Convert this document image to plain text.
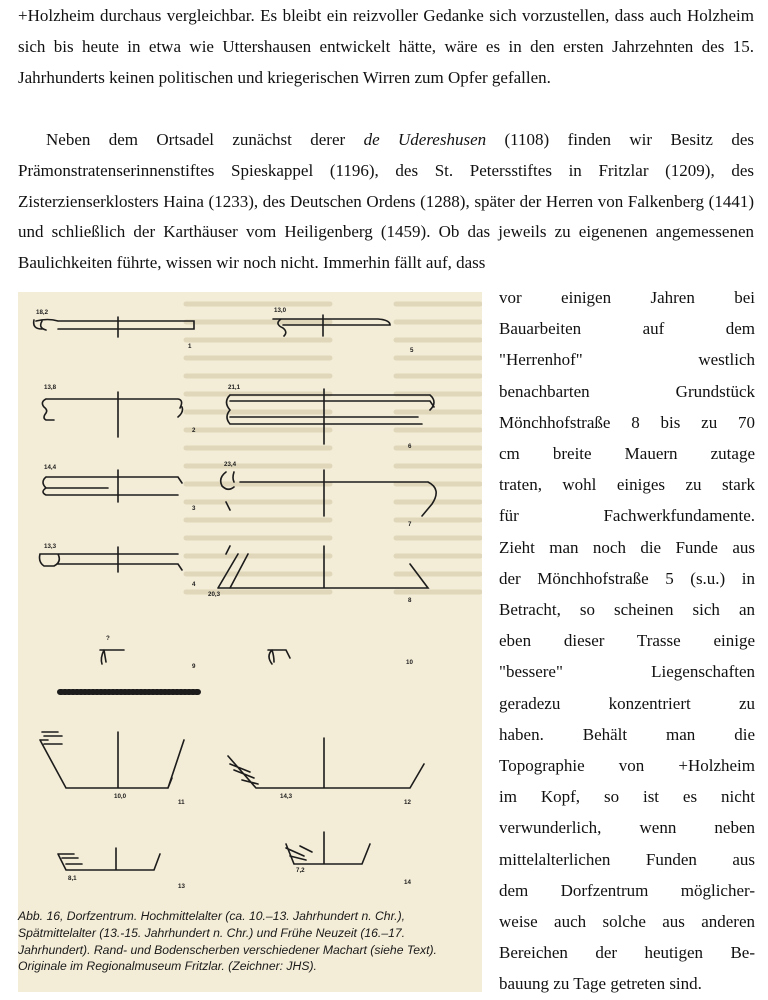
+Holzheim durchaus vergleichbar. Es bleibt ein reizvoller Gedanke sich vorzustellen, dass auch Holzheim sich bis heute in etwa wie Uttershausen entwickelt hätte, wäre es in den ersten Jahrzehnten des 15. Jahrhunderts keinen politischen und kriegerischen Wirren zum Opfer gefallen.

Neben dem Ortsadel zunächst derer de Udereshusen (1108) finden wir Besitz des Prämonstratenserinnenstiftes Spieskappel (1196), des St. Petersstiftes in Fritzlar (1209), des Zisterzienserklosters Haina (1233), des Deutschen Ordens (1288), später der Herren von Falkenberg (1441) und schließlich der Karthäuser vom Heiligenberg (1459). Ob das jeweils zu eigenenen angemessenen Baulichkeiten führte, wissen wir noch nicht. Immerhin fällt auf, dass

1
5
2
6
3
7
4
8
9
10
11	12
13
14
18,2
13,8
14,4
13,3
13,0
21,1
23,4
20,3
?
10,0	14,3
8,1
7,2
Abb. 16, Dorfzentrum. Hochmittelalter (ca. 10.–13. Jahrhundert n. Chr.), Spätmittelalter (13.-15. Jahrhundert n. Chr.) und Frühe Neuzeit (16.–17. Jahrhundert). Rand- und Bodenscherben verschiedener Machart (siehe Text). Originale im Regionalmuseum Fritzlar. (Zeichner: JHS).
vor einigen Jahren bei
Bauarbeiten auf dem
"Herrenhof" westlich
benachbarten Grundstück
Mönchhofstraße 8 bis zu 70
cm breite Mauern zutage
traten, wohl einiges zu stark
für Fachwerkfundamente.
Zieht man noch die Funde aus
der Mönchhofstraße 5 (s.u.) in
Betracht, so scheinen sich an
eben dieser Trasse einige
"bessere" Liegenschaften
geradezu konzentriert zu
haben. Behält man die
Topographie von +Holzheim
im Kopf, so ist es nicht
verwunderlich, wenn neben
mittelalterlichen Funden aus
dem Dorfzentrum möglicher-
weise auch solche aus anderen
Bereichen der heutigen Be-
bauung zu Tage getreten sind.
